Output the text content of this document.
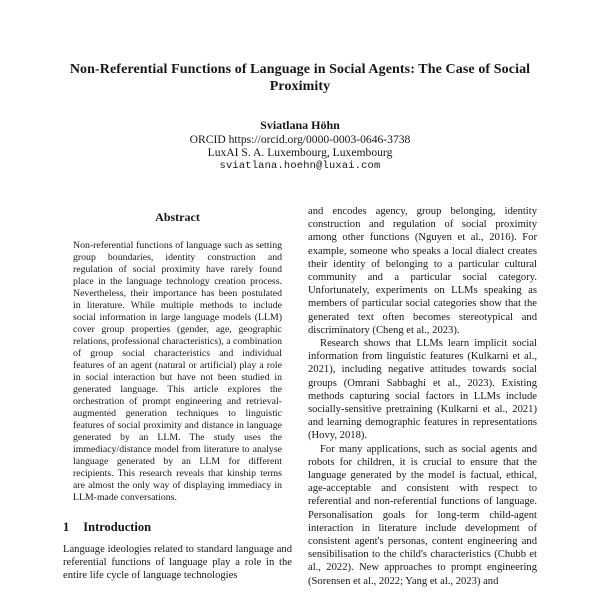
Non-Referential Functions of Language in Social Agents: The Case of Social Proximity
Sviatlana Höhn
ORCID https://orcid.org/0000-0003-0646-3738
LuxAI S. A. Luxembourg, Luxembourg
sviatlana.hoehn@luxai.com
Abstract

Non-referential functions of language such as setting group boundaries, identity construction and regulation of social proximity have rarely found place in the language technology creation process. Nevertheless, their importance has been postulated in literature. While multiple methods to include social information in large language models (LLM) cover group properties (gender, age, geographic relations, professional characteristics), a combination of group social characteristics and individual features of an agent (natural or artificial) play a role in social interaction but have not been studied in generated language. This article explores the orchestration of prompt engineering and retrieval-augmented generation techniques to linguistic features of social proximity and distance in language generated by an LLM. The study uses the immediacy/distance model from literature to analyse language generated by an LLM for different recipients. This research reveals that kinship terms are almost the only way of displaying immediacy in LLM-made conversations.

1 Introduction

Language ideologies related to standard language and referential functions of language play a role in the entire life cycle of language technologies

and encodes agency, group belonging, identity construction and regulation of social proximity among other functions (Nguyen et al., 2016). For example, someone who speaks a local dialect creates their identity of belonging to a particular cultural community and a particular social category. Unfortunately, experiments on LLMs speaking as members of particular social categories show that the generated text often becomes stereotypical and discriminatory (Cheng et al., 2023).

Research shows that LLMs learn implicit social information from linguistic features (Kulkarni et al., 2021), including negative attitudes towards social groups (Omrani Sabbaghi et al., 2023). Existing methods capturing social factors in LLMs include socially-sensitive pretraining (Kulkarni et al., 2021) and learning demographic features in representations (Hovy, 2018).

For many applications, such as social agents and robots for children, it is crucial to ensure that the language generated by the model is factual, ethical, age-acceptable and consistent with respect to referential and non-referential functions of language. Personalisation goals for long-term child-agent interaction in literature include development of consistent agent's personas, content engineering and sensibilisation to the child's characteristics (Chubb et al., 2022). New approaches to prompt engineering (Sorensen et al., 2022; Yang et al., 2023) and
